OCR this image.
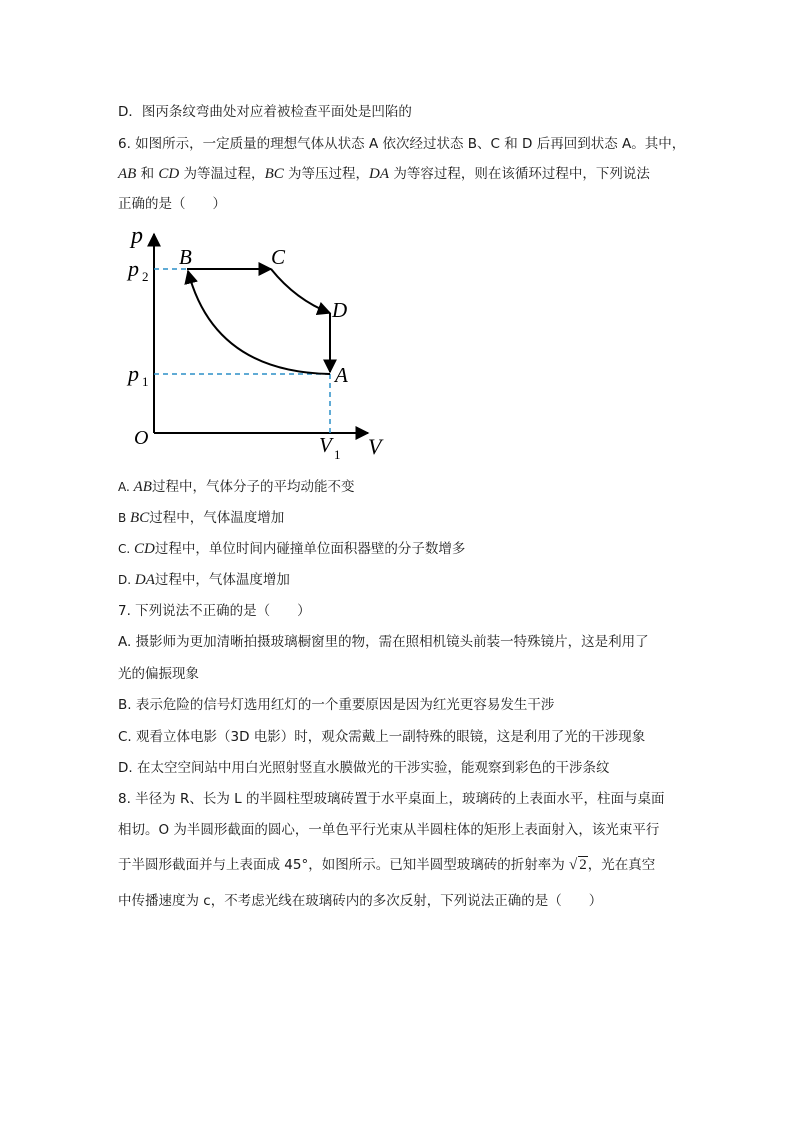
D．图丙条纹弯曲处对应着被检查平面处是凹陷的
6. 如图所示，一定质量的理想气体从状态 A 依次经过状态 B、C 和 D 后再回到状态 A。其中，
AB 和 CD 为等温过程，BC 为等压过程，DA 为等容过程，则在该循环过程中，下列说法
正确的是（　　）
p
V
O
p 2
p 1
V 1
B	C
D
A
A. AB过程中，气体分子的平均动能不变
B BC过程中，气体温度增加
C. CD过程中，单位时间内碰撞单位面积器壁的分子数增多
D. DA过程中，气体温度增加
7. 下列说法不正确的是（　　）
A. 摄影师为更加清晰拍摄玻璃橱窗里的物，需在照相机镜头前装一特殊镜片，这是利用了
光的偏振现象
B. 表示危险的信号灯选用红灯的一个重要原因是因为红光更容易发生干涉
C. 观看立体电影（3D 电影）时，观众需戴上一副特殊的眼镜，这是利用了光的干涉现象
D. 在太空空间站中用白光照射竖直水膜做光的干涉实验，能观察到彩色的干涉条纹
8. 半径为 R、长为 L 的半圆柱型玻璃砖置于水平桌面上，玻璃砖的上表面水平，柱面与桌面
相切。O 为半圆形截面的圆心，一单色平行光束从半圆柱体的矩形上表面射入，该光束平行
于半圆形截面并与上表面成 45°，如图所示。已知半圆型玻璃砖的折射率为 √ 2，光在真空
中传播速度为 c，不考虑光线在玻璃砖内的多次反射，下列说法正确的是（　　）
